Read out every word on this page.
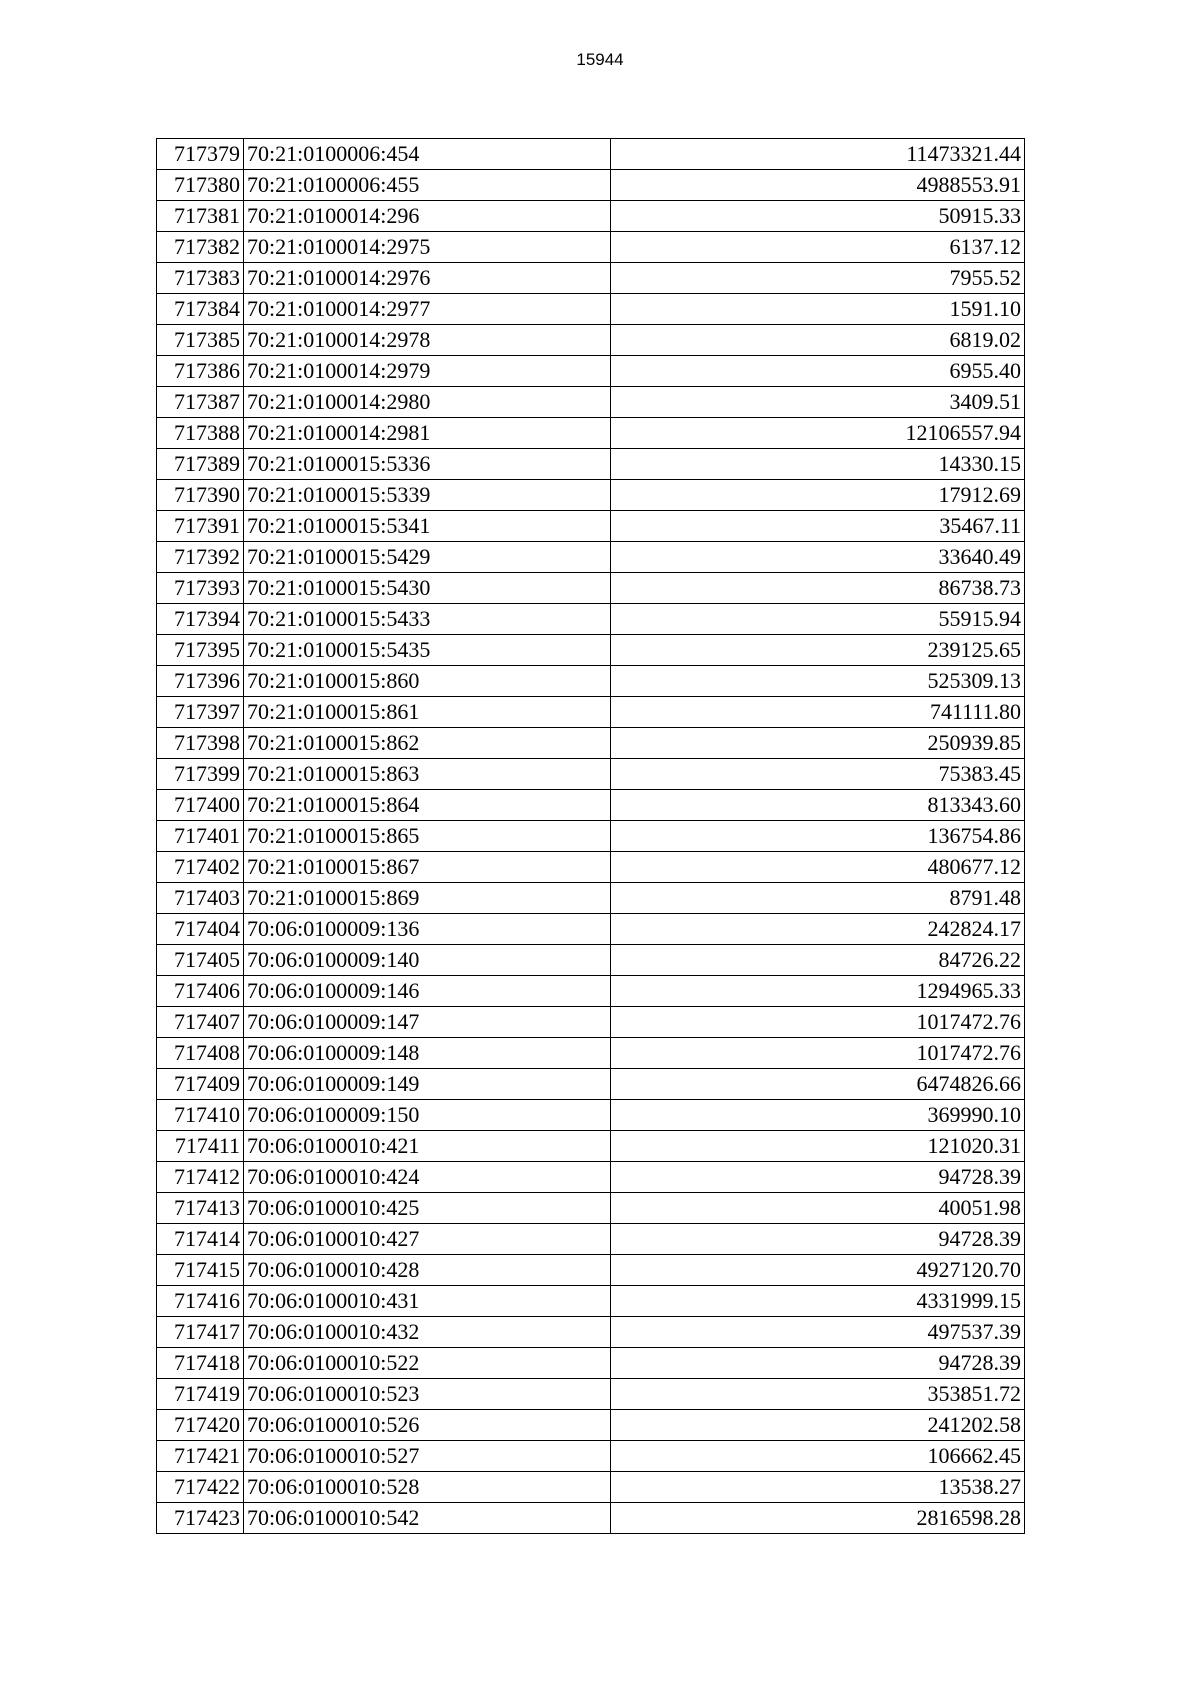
15944
717379	70:21:0100006:454	11473321.44
717380	70:21:0100006:455	4988553.91
717381	70:21:0100014:296	50915.33
717382	70:21:0100014:2975	6137.12
717383	70:21:0100014:2976	7955.52
717384	70:21:0100014:2977	1591.10
717385	70:21:0100014:2978	6819.02
717386	70:21:0100014:2979	6955.40
717387	70:21:0100014:2980	3409.51
717388	70:21:0100014:2981	12106557.94
717389	70:21:0100015:5336	14330.15
717390	70:21:0100015:5339	17912.69
717391	70:21:0100015:5341	35467.11
717392	70:21:0100015:5429	33640.49
717393	70:21:0100015:5430	86738.73
717394	70:21:0100015:5433	55915.94
717395	70:21:0100015:5435	239125.65
717396	70:21:0100015:860	525309.13
717397	70:21:0100015:861	741111.80
717398	70:21:0100015:862	250939.85
717399	70:21:0100015:863	75383.45
717400	70:21:0100015:864	813343.60
717401	70:21:0100015:865	136754.86
717402	70:21:0100015:867	480677.12
717403	70:21:0100015:869	8791.48
717404	70:06:0100009:136	242824.17
717405	70:06:0100009:140	84726.22
717406	70:06:0100009:146	1294965.33
717407	70:06:0100009:147	1017472.76
717408	70:06:0100009:148	1017472.76
717409	70:06:0100009:149	6474826.66
717410	70:06:0100009:150	369990.10
717411	70:06:0100010:421	121020.31
717412	70:06:0100010:424	94728.39
717413	70:06:0100010:425	40051.98
717414	70:06:0100010:427	94728.39
717415	70:06:0100010:428	4927120.70
717416	70:06:0100010:431	4331999.15
717417	70:06:0100010:432	497537.39
717418	70:06:0100010:522	94728.39
717419	70:06:0100010:523	353851.72
717420	70:06:0100010:526	241202.58
717421	70:06:0100010:527	106662.45
717422	70:06:0100010:528	13538.27
717423	70:06:0100010:542	2816598.28
